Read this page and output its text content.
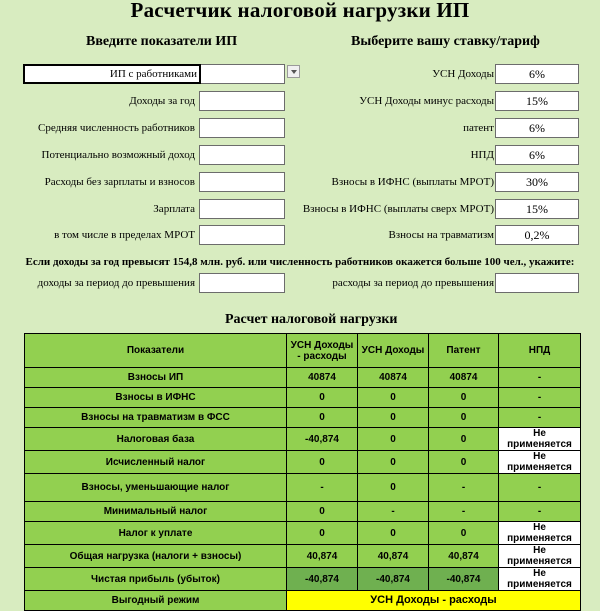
Расчетчик налоговой нагрузки ИП
Введите показатели ИП
ИП с работниками
Доходы за год
Средняя численность работников
Потенциально возможный доход
Расходы без зарплаты и взносов
Зарплата
в том числе в пределах МРОТ
Выберите вашу ставку/тариф
УСН Доходы	6%
УСН Доходы минус расходы	15%
патент	6%
НПД	6%
Взносы в ИФНС (выплаты МРОТ)	30%
Взносы в ИФНС (выплаты сверх МРОТ)	15%
Взносы на травматизм	0,2%
Если доходы за год превысят 154,8 млн. руб. или численность работников окажется больше 100 чел., укажите:
доходы за период до превышения	расходы за период до превышения
Расчет налоговой нагрузки
Показатели	УСН Доходы - расходы	УСН Доходы	Патент	НПД
Взносы ИП	40874	40874	40874	-
Взносы в ИФНС	0	0	0	-
Взносы на травматизм в ФСС	0	0	0	-
Налоговая база	-40,874	0	0	Не применяется
Исчисленный налог	0	0	0	Не применяется
Взносы, уменьшающие налог	-	0	-	-
Минимальный налог	0	-	-	-
Налог к уплате	0	0	0	Не применяется
Общая нагрузка (налоги + взносы)	40,874	40,874	40,874	Не применяется
Чистая прибыль (убыток)	-40,874	-40,874	-40,874	Не применяется
Выгодный режим	УСН Доходы - расходы			
